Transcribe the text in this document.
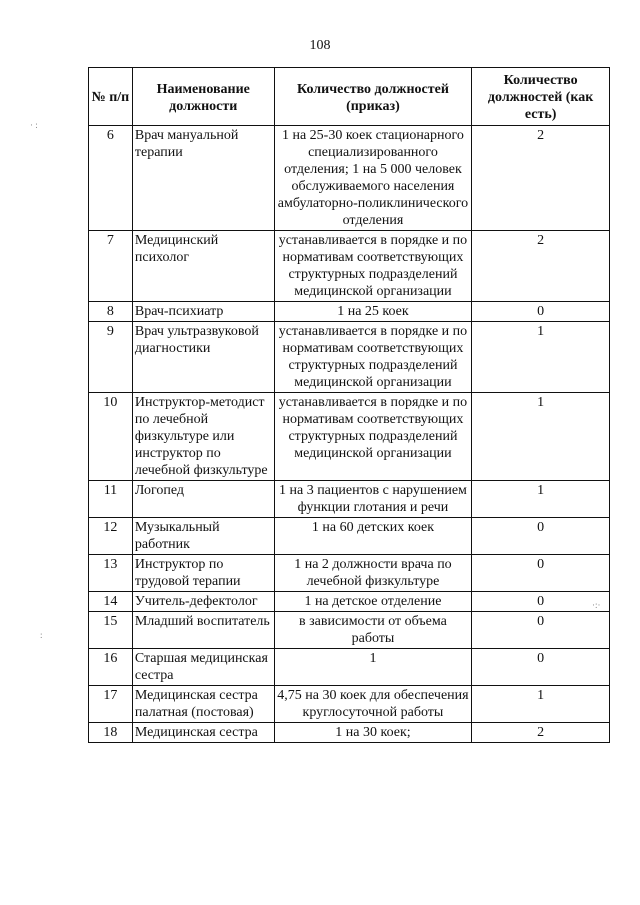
108
№ п/п	Наименование должности	Количество должностей (приказ)	Количество должностей (как есть)
6	Врач мануальной терапии	1 на 25-30 коек стационарного специализированного отделения; 1 на 5 000 человек обслуживаемого населения амбулаторно-поликлинического отделения	2
7	Медицинский психолог	устанавливается в порядке и по нормативам соответствующих структурных подразделений медицинской организации	2
8	Врач-психиатр	1 на 25 коек	0
9	Врач ультразвуковой диагностики	устанавливается в порядке и по нормативам соответствующих структурных подразделений медицинской организации	1
10	Инструктор-методист по лечебной физкультуре или инструктор по лечебной физкультуре	устанавливается в порядке и по нормативам соответствующих структурных подразделений медицинской организации	1
11	Логопед	1 на 3 пациентов с нарушением функции глотания и речи	1
12	Музыкальный работник	1 на 60 детских коек	0
13	Инструктор по трудовой терапии	1 на 2 должности врача по лечебной физкультуре	0
14	Учитель-дефектолог	1 на детское отделение	0
15	Младший воспитатель	в зависимости от объема работы	0
16	Старшая медицинская сестра	1	0
17	Медицинская сестра палатная (постовая)	4,75 на 30 коек для обеспечения круглосуточной работы	1
18	Медицинская сестра	1 на 30 коек;	2
· :
:
·:·
